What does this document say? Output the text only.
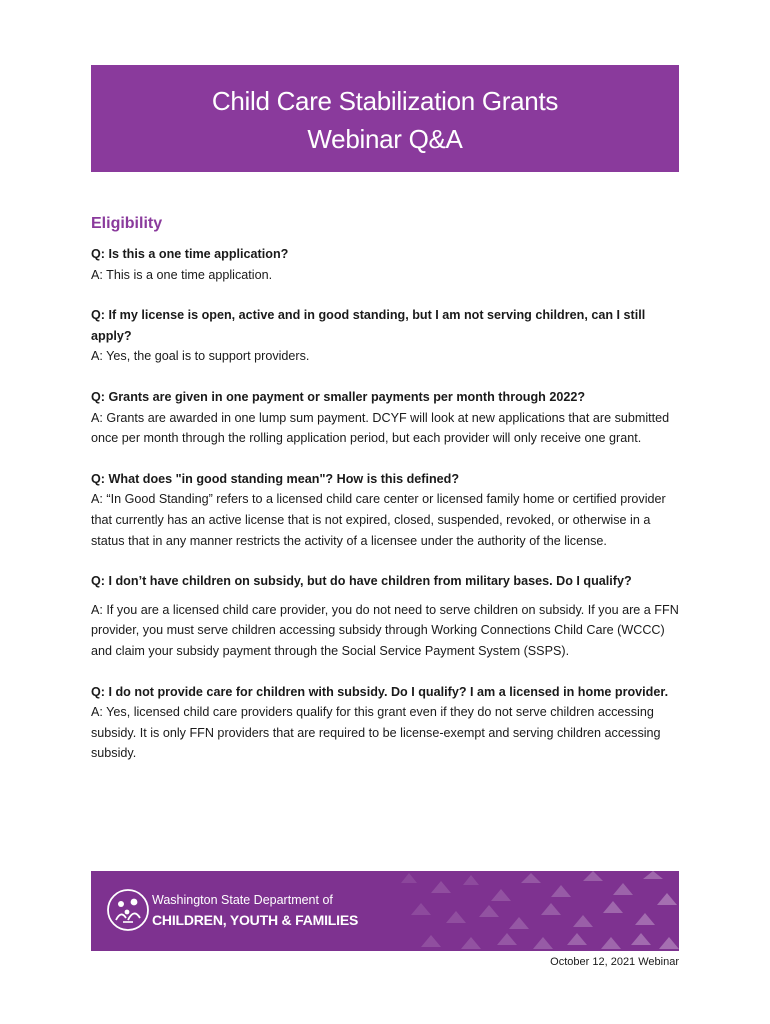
Child Care Stabilization Grants
Webinar Q&A
Eligibility

Q: Is this a one time application?

A: This is a one time application.

Q: If my license is open, active and in good standing, but I am not serving children, can I still apply?

A: Yes, the goal is to support providers.

Q: Grants are given in one payment or smaller payments per month through 2022?

A: Grants are awarded in one lump sum payment. DCYF will look at new applications that are submitted once per month through the rolling application period, but each provider will only receive one grant.

Q: What does "in good standing mean"? How is this defined?

A: “In Good Standing” refers to a licensed child care center or licensed family home or certified provider that currently has an active license that is not expired, closed, suspended, revoked, or otherwise in a status that in any manner restricts the activity of a licensee under the authority of the license.

Q: I don’t have children on subsidy, but do have children from military bases. Do I qualify?

A: If you are a licensed child care provider, you do not need to serve children on subsidy. If you are a FFN provider, you must serve children accessing subsidy through Working Connections Child Care (WCCC) and claim your subsidy payment through the Social Service Payment System (SSPS).

Q: I do not provide care for children with subsidy. Do I qualify? I am a licensed in home provider.

A: Yes, licensed child care providers qualify for this grant even if they do not serve children accessing subsidy. It is only FFN providers that are required to be license-exempt and serving children accessing subsidy.

Washington State Department of
CHILDREN, YOUTH & FAMILIES
October 12, 2021 Webinar
